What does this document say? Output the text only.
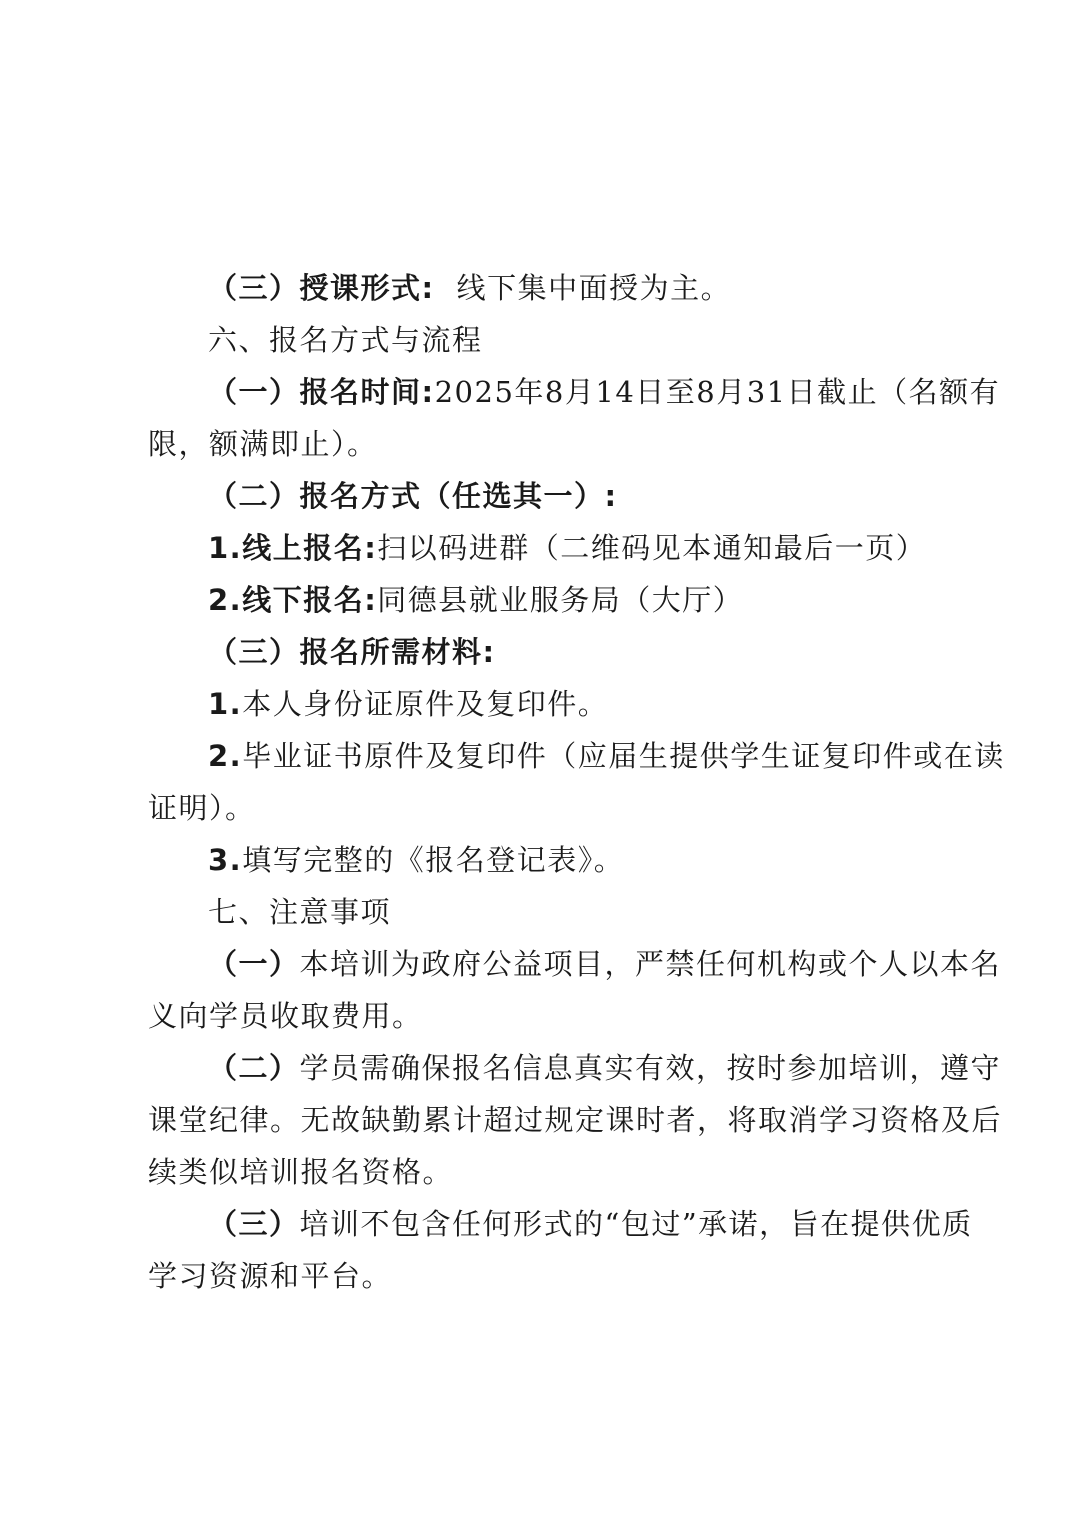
（三）授课形式: 线下集中面授为主。
六、报名方式与流程
（一）报名时间:2025年8月14日至8月31日截止（名额有
限，额满即止）。
（二）报名方式（任选其一）:
1.线上报名:扫以码进群（二维码见本通知最后一页）
2.线下报名:同德县就业服务局（大厅）
（三）报名所需材料:
1.本人身份证原件及复印件。
2.毕业证书原件及复印件（应届生提供学生证复印件或在读
证明）。
3.填写完整的《报名登记表》。
七、注意事项
（一）本培训为政府公益项目，严禁任何机构或个人以本名
义向学员收取费用。
（二）学员需确保报名信息真实有效，按时参加培训，遵守
课堂纪律。无故缺勤累计超过规定课时者，将取消学习资格及后
续类似培训报名资格。
（三）培训不包含任何形式的“包过”承诺，旨在提供优质
学习资源和平台。
